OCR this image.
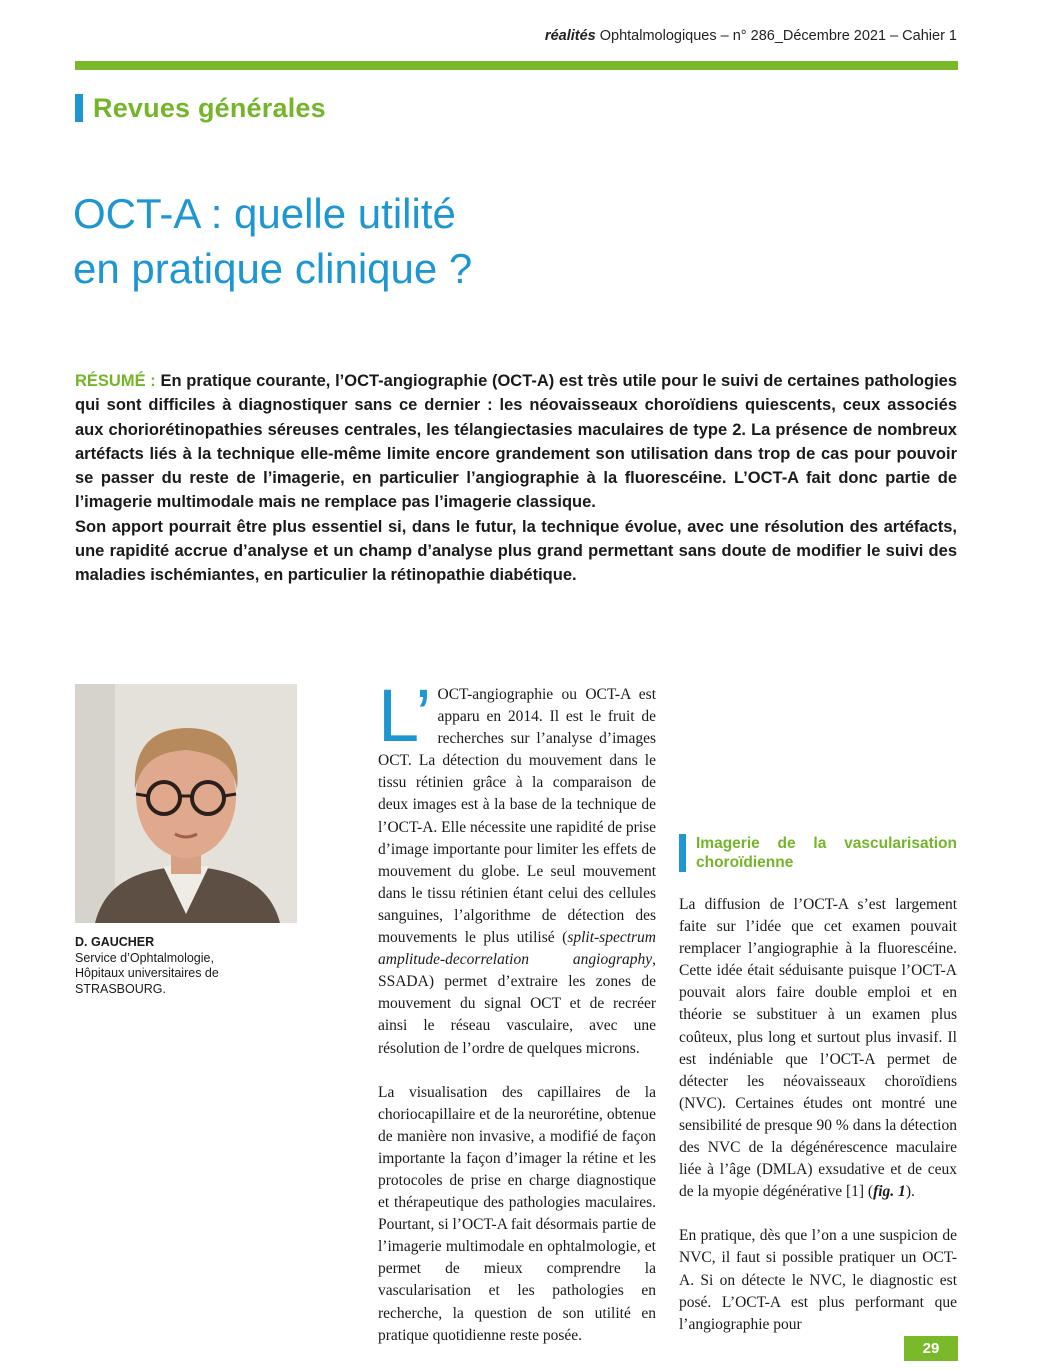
réalités Ophtalmologiques – n° 286_Décembre 2021 – Cahier 1
Revues générales
OCT-A : quelle utilité
en pratique clinique ?

RÉSUMÉ : En pratique courante, l’OCT-angiographie (OCT-A) est très utile pour le suivi de certaines pathologies qui sont difficiles à diagnostiquer sans ce dernier : les néovaisseaux choroïdiens quiescents, ceux associés aux choriorétinopathies séreuses centrales, les télangiectasies maculaires de type 2. La présence de nombreux artéfacts liés à la technique elle-même limite encore grandement son utilisation dans trop de cas pour pouvoir se passer du reste de l’imagerie, en particulier l’angiographie à la fluorescéine. L’OCT-A fait donc partie de l’imagerie multimodale mais ne remplace pas l’imagerie classique.

Son apport pourrait être plus essentiel si, dans le futur, la technique évolue, avec une résolution des artéfacts, une rapidité accrue d’analyse et un champ d’analyse plus grand permettant sans doute de modifier le suivi des maladies ischémiantes, en particulier la rétinopathie diabétique.

D. GAUCHER
Service d’Ophtalmologie,
Hôpitaux universitaires de
STRASBOURG.

L’ OCT-angiographie ou OCT-A est apparu en 2014. Il est le fruit de recherches sur l’analyse d’images OCT. La détection du mouvement dans le tissu rétinien grâce à la comparaison de deux images est à la base de la technique de l’OCT-A. Elle nécessite une rapidité de prise d’image importante pour limiter les effets de mouvement du globe. Le seul mouvement dans le tissu rétinien étant celui des cellules sanguines, l’algorithme de détection des mouvements le plus utilisé (split-spectrum amplitude-decorrelation angiography, SSADA) permet d’extraire les zones de mouvement du signal OCT et de recréer ainsi le réseau vasculaire, avec une résolution de l’ordre de quelques microns.

La visualisation des capillaires de la choriocapillaire et de la neurorétine, obtenue de manière non invasive, a modifié de façon importante la façon d’imager la rétine et les protocoles de prise en charge diagnostique et thérapeutique des pathologies maculaires. Pourtant, si l’OCT-A fait désormais partie de l’imagerie multimodale en ophtalmologie, et permet de mieux comprendre la vascularisation et les pathologies en recherche, la question de son utilité en pratique quotidienne reste posée.

Imagerie de la vascularisation choroïdienne

La diffusion de l’OCT-A s’est largement faite sur l’idée que cet examen pouvait remplacer l’angiographie à la fluorescéine. Cette idée était séduisante puisque l’OCT-A pouvait alors faire double emploi et en théorie se substituer à un examen plus coûteux, plus long et surtout plus invasif. Il est indéniable que l’OCT-A permet de détecter les néovaisseaux choroïdiens (NVC). Certaines études ont montré une sensibilité de presque 90 % dans la détection des NVC de la dégénérescence maculaire liée à l’âge (DMLA) exsudative et de ceux de la myopie dégénérative [1] (fig. 1).

En pratique, dès que l’on a une suspicion de NVC, il faut si possible pratiquer un OCT-A. Si on détecte le NVC, le diagnostic est posé. L’OCT-A est plus performant que l’angiographie pour

29
